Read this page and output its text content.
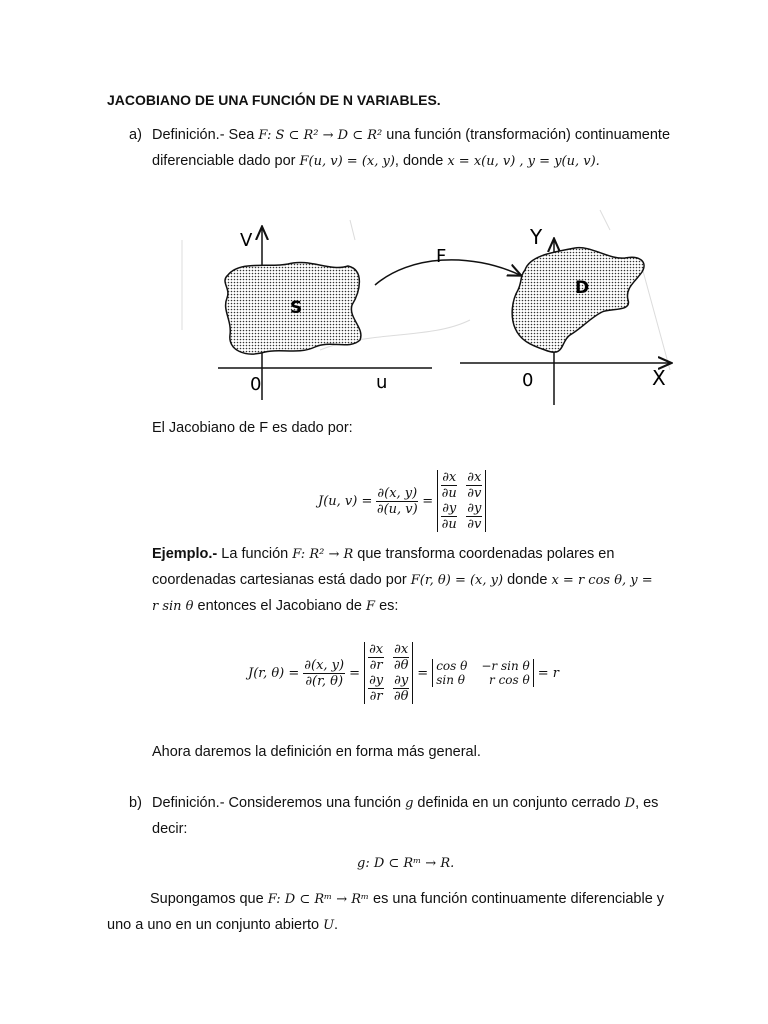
JACOBIANO DE UNA FUNCIÓN DE N VARIABLES.
a) Definición.- Sea F: S ⊂ R² → D ⊂ R² una función (transformación) continuamente
diferenciable dado por F(u, v) = (x, y), donde x = x(u, v) , y = y(u, v).
V
u
0
S
F
Y
X
0
D
El Jacobiano de F es dado por:
J(u, $v) = \frac{\partial(x, y)}{\partial(u, v)}$ =
$\frac{\partial x}{\partial u} \frac{\partial x}{\partial v}$
$\frac{\partial y}{\partial u} \frac{\partial y}{\partial v}$
Ejemplo.- La función F: R² → R que transforma coordenadas polares en
coordenadas cartesianas está dado por F(r, θ) = (x, y) donde x = r cos θ, y =
r sin θ entonces el Jacobiano de F es:
J(r, $\theta) = \frac{\partial(x, y)}{\partial(r, \theta)}$ =
$\frac{\partial x}{\partial r} \frac{\partial x}{\partial\theta}$
$\frac{\partial y}{\partial r} \frac{\partial y}{\partial\theta} = \cos \theta -r$ sin θ
sin θ	r cos θ = r
Ahora daremos la definición en forma más general.
b) Definición.- Consideremos una función g definida en un conjunto cerrado D, es
decir:
g: D ⊂ Rᵐ → R.
Supongamos que F: D ⊂ Rᵐ → Rᵐ es una función continuamente diferenciable y
uno a uno en un conjunto abierto U.
